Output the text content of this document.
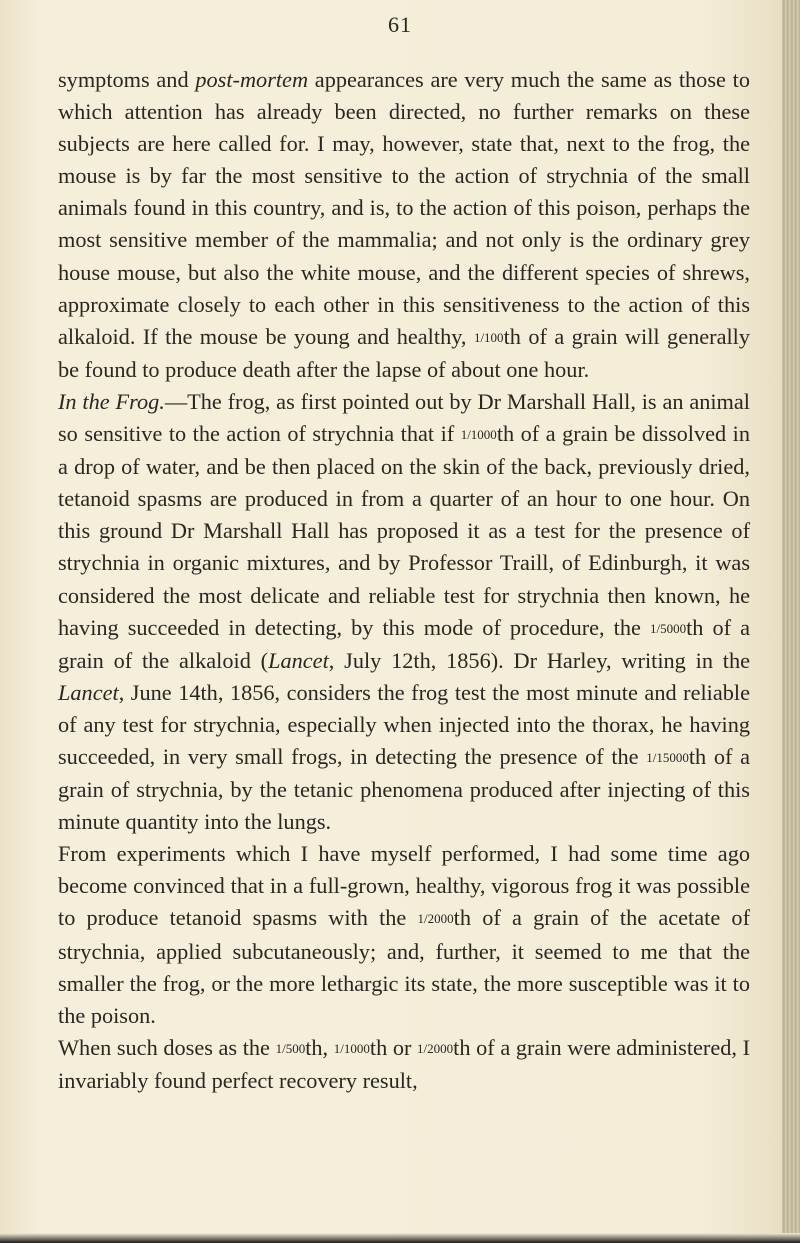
61

symptoms and post-mortem appearances are very much the same as those to which attention has already been directed, no further remarks on these subjects are here called for. I may, however, state that, next to the frog, the mouse is by far the most sensitive to the action of strychnia of the small animals found in this country, and is, to the action of this poison, perhaps the most sensitive member of the mammalia; and not only is the ordinary grey house mouse, but also the white mouse, and the different species of shrews, approximate closely to each other in this sensitiveness to the action of this alkaloid. If the mouse be young and healthy, 1/100th of a grain will generally be found to produce death after the lapse of about one hour.

In the Frog.—The frog, as first pointed out by Dr Marshall Hall, is an animal so sensitive to the action of strychnia that if 1/1000th of a grain be dissolved in a drop of water, and be then placed on the skin of the back, previously dried, tetanoid spasms are produced in from a quarter of an hour to one hour. On this ground Dr Marshall Hall has proposed it as a test for the presence of strychnia in organic mixtures, and by Professor Traill, of Edinburgh, it was considered the most delicate and reliable test for strychnia then known, he having succeeded in detecting, by this mode of procedure, the 1/5000th of a grain of the alkaloid (Lancet, July 12th, 1856). Dr Harley, writing in the Lancet, June 14th, 1856, considers the frog test the most minute and reliable of any test for strychnia, especially when injected into the thorax, he having succeeded, in very small frogs, in detecting the presence of the 1/15000th of a grain of strychnia, by the tetanic phenomena produced after injecting of this minute quantity into the lungs.

From experiments which I have myself performed, I had some time ago become convinced that in a full-grown, healthy, vigorous frog it was possible to produce tetanoid spasms with the 1/2000th of a grain of the acetate of strychnia, applied subcutaneously; and, further, it seemed to me that the smaller the frog, or the more lethargic its state, the more susceptible was it to the poison.

When such doses as the 1/500th, 1/1000th or 1/2000th of a grain were administered, I invariably found perfect recovery result,
